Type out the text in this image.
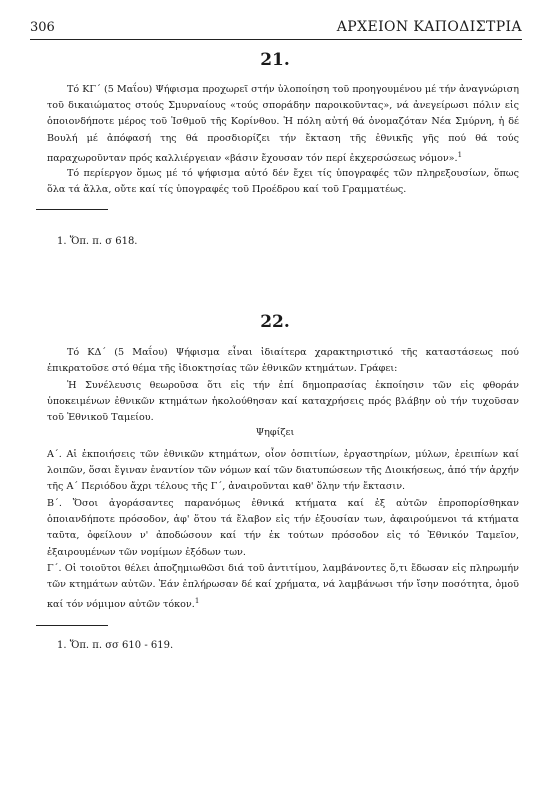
306	ΑΡΧΕΙΟΝ ΚΑΠΟΔΙΣΤΡΙΑ
21.

Τό ΚΓ΄ (5 Μαΐου) Ψήφισμα προχωρεῖ στήν ὑλοποίηση τοῦ προηγουμένου μέ τήν ἀναγνώριση τοῦ δικαιώματος στούς Σμυρναίους «τούς σποράδην παροικοῦντας», νά ἀνεγείρωσι πόλιν εἰς ὁποιονδήποτε μέρος τοῦ Ἰσθμοῦ τῆς Κορίνθου. Ἡ πόλη αὐτή θά ὀνομαζόταν Νέα Σμύρνη, ἡ δέ Βουλή μέ ἀπόφασή της θά προσδιορίζει τήν ἔκταση τῆς ἐθνικῆς γῆς πού θά τούς παραχωροῦνταν πρός καλλιέργειαν «βάσιν ἔχουσαν τόν περί ἐκχερσώσεως νόμον».$^1$

Τό περίεργον ὅμως μέ τό ψήφισμα αὐτό δέν ἔχει τίς ὑπογραφές τῶν πληρεξουσίων, ὅπως ὅλα τά ἄλλα, οὔτε καί τίς ὑπογραφές τοῦ Προέδρου καί τοῦ Γραμματέως.

1. Ὅπ. π. σ 618.
22.

Τό ΚΔ΄ (5 Μαΐου) Ψήφισμα εἶναι ἰδιαίτερα χαρακτηριστικό τῆς καταστάσεως πού ἐπικρατοῦσε στό θέμα τῆς ἰδιοκτησίας τῶν ἐθνικῶν κτημάτων. Γράφει:

Ἡ Συνέλευσις θεωροῦσα ὅτι εἰς τήν ἐπί δημοπρασίας ἐκποίησιν τῶν εἰς φθοράν ὑποκειμένων ἐθνικῶν κτημάτων ἠκολούθησαν καί καταχρήσεις πρός βλάβην οὐ τήν τυχοῦσαν τοῦ Ἐθνικοῦ Ταμείου.

Ψηφίζει

Α΄. Αἱ ἐκποιήσεις τῶν ἐθνικῶν κτημάτων, οἷον ὀσπιτίων, ἐργαστηρίων, μύλων, ἐρειπίων καί λοιπῶν, ὅσαι ἔγιναν ἐναντίον τῶν νόμων καί τῶν διατυπώσεων τῆς Διοικήσεως, ἀπό τήν ἀρχήν τῆς Α΄ Περιόδου ἄχρι τέλους τῆς Γ΄, ἀναιροῦνται καθ' ὅλην τήν ἔκτασιν.

Β΄. Ὅσοι ἀγοράσαντες παρανόμως ἐθνικά κτήματα καί ἐξ αὐτῶν ἐπροπορίσθηκαν ὁποιανδήποτε πρόσοδον, ἀφ' ὅτου τά ἔλαβον εἰς τήν ἐξουσίαν των, ἀφαιρούμενοι τά κτήματα ταῦτα, ὀφείλουν ν' ἀποδώσουν καί τήν ἐκ τούτων πρόσοδον εἰς τό Ἐθνικόν Ταμεῖον, ἐξαιρουμένων τῶν νομίμων ἐξόδων των.

Γ΄. Οἱ τοιοῦτοι θέλει ἀποζημιωθῶσι διά τοῦ ἀντιτίμου, λαμβάνοντες ὅ,τι ἔδωσαν εἰς πληρωμήν τῶν κτημάτων αὐτῶν. Ἐάν ἐπλήρωσαν δέ καί χρήματα, νά λαμβάνωσι τήν ἴσην ποσότητα, ὁμοῦ καί τόν νόμιμον αὐτῶν τόκον.$^1$

1. Ὅπ. π. σσ 610 - 619.
